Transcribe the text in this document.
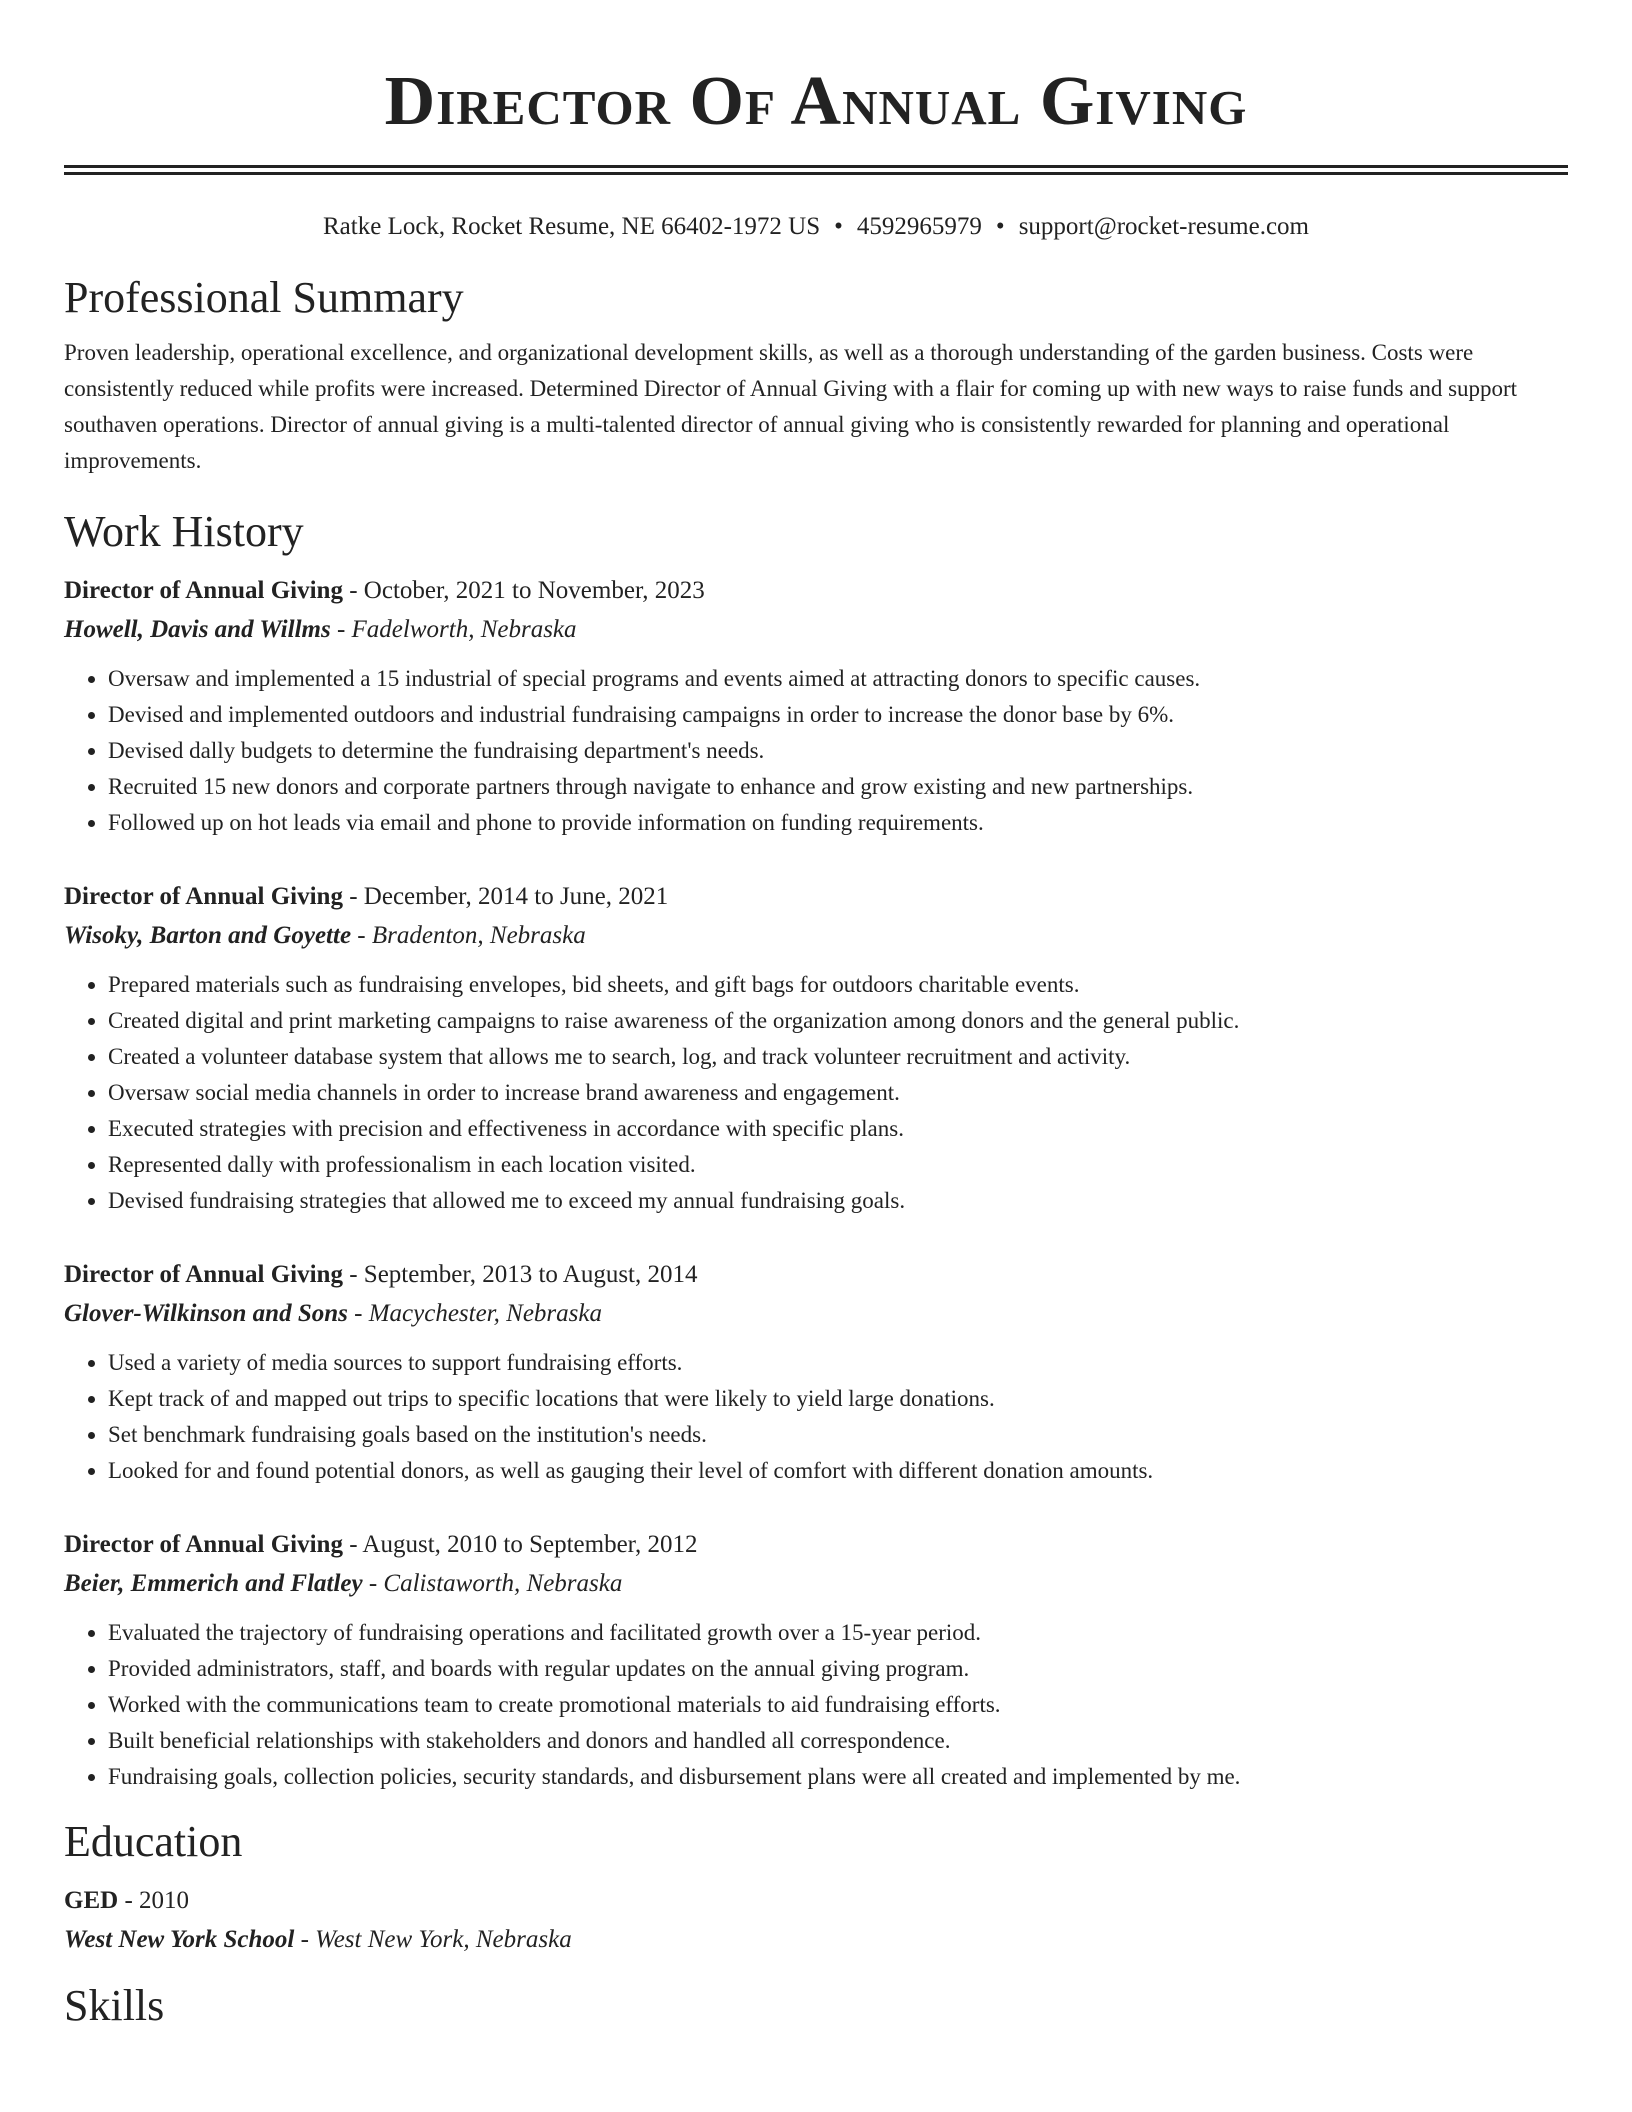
Director Of Annual Giving
Ratke Lock, Rocket Resume, NE 66402-1972 US • 4592965979 • support@rocket-resume.com
Professional Summary

Proven leadership, operational excellence, and organizational development skills, as well as a thorough understanding of the garden business. Costs were consistently reduced while profits were increased. Determined Director of Annual Giving with a flair for coming up with new ways to raise funds and support southaven operations. Director of annual giving is a multi-talented director of annual giving who is consistently rewarded for planning and operational improvements.

Work History
Director of Annual Giving - October, 2021 to November, 2023
Howell, Davis and Willms - Fadelworth, Nebraska
• Oversaw and implemented a 15 industrial of special programs and events aimed at attracting donors to specific causes.
• Devised and implemented outdoors and industrial fundraising campaigns in order to increase the donor base by 6%.
• Devised dally budgets to determine the fundraising department's needs.
• Recruited 15 new donors and corporate partners through navigate to enhance and grow existing and new partnerships.
• Followed up on hot leads via email and phone to provide information on funding requirements.
Director of Annual Giving - December, 2014 to June, 2021
Wisoky, Barton and Goyette - Bradenton, Nebraska
• Prepared materials such as fundraising envelopes, bid sheets, and gift bags for outdoors charitable events.
• Created digital and print marketing campaigns to raise awareness of the organization among donors and the general public.
• Created a volunteer database system that allows me to search, log, and track volunteer recruitment and activity.
• Oversaw social media channels in order to increase brand awareness and engagement.
• Executed strategies with precision and effectiveness in accordance with specific plans.
• Represented dally with professionalism in each location visited.
• Devised fundraising strategies that allowed me to exceed my annual fundraising goals.
Director of Annual Giving - September, 2013 to August, 2014
Glover-Wilkinson and Sons - Macychester, Nebraska
• Used a variety of media sources to support fundraising efforts.
• Kept track of and mapped out trips to specific locations that were likely to yield large donations.
• Set benchmark fundraising goals based on the institution's needs.
• Looked for and found potential donors, as well as gauging their level of comfort with different donation amounts.
Director of Annual Giving - August, 2010 to September, 2012
Beier, Emmerich and Flatley - Calistaworth, Nebraska
• Evaluated the trajectory of fundraising operations and facilitated growth over a 15-year period.
• Provided administrators, staff, and boards with regular updates on the annual giving program.
• Worked with the communications team to create promotional materials to aid fundraising efforts.
• Built beneficial relationships with stakeholders and donors and handled all correspondence.
• Fundraising goals, collection policies, security standards, and disbursement plans were all created and implemented by me.
Education
GED - 2010
West New York School - West New York, Nebraska
Skills
